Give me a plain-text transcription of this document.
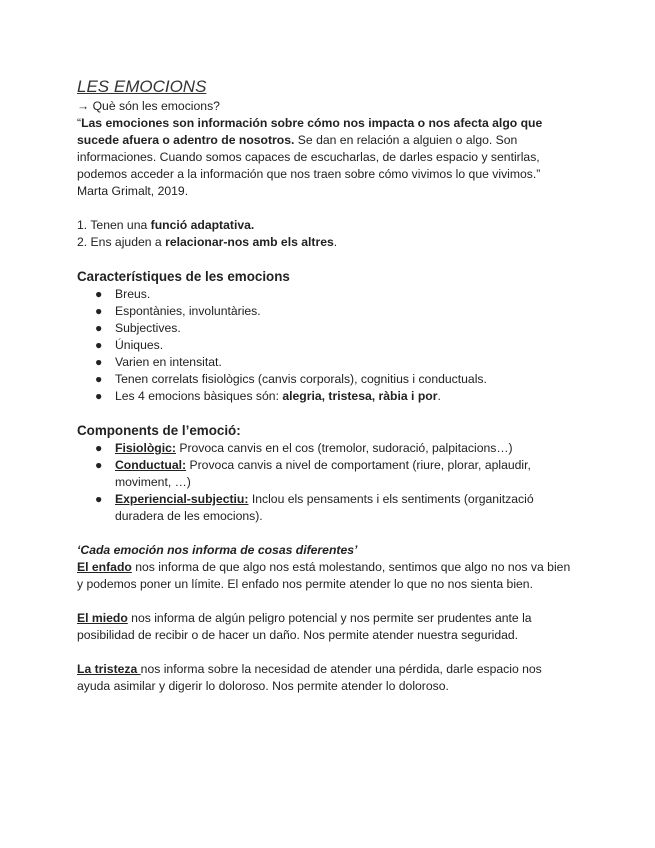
LES EMOCIONS

→ Què són les emocions?

“Las emociones son información sobre cómo nos impacta o nos afecta algo que sucede afuera o adentro de nosotros. Se dan en relación a alguien o algo. Son informaciones. Cuando somos capaces de escucharlas, de darles espacio y sentirlas, podemos acceder a la información que nos traen sobre cómo vivimos lo que vivimos.”

Marta Grimalt, 2019.

1. Tenen una funció adaptativa.

2. Ens ajuden a relacionar-nos amb els altres.

Característiques de les emocions

● Breus.
● Espontànies, involuntàries.
● Subjectives.
● Úniques.
● Varien en intensitat.
● Tenen correlats fisiològics (canvis corporals), cognitius i conductuals.
● Les 4 emocions bàsiques són: alegria, tristesa, ràbia i por.

Components de l’emoció:

● Fisiològic: Provoca canvis en el cos (tremolor, sudoració, palpitacions…)
● Conductual: Provoca canvis a nivel de comportament (riure, plorar, aplaudir, moviment, …)
● Experiencial-subjectiu: Inclou els pensaments i els sentiments (organització duradera de les emocions).

‘Cada emoción nos informa de cosas diferentes’

El enfado nos informa de que algo nos está molestando, sentimos que algo no nos va bien y podemos poner un límite. El enfado nos permite atender lo que no nos sienta bien.

El miedo nos informa de algún peligro potencial y nos permite ser prudentes ante la posibilidad de recibir o de hacer un daño. Nos permite atender nuestra seguridad.

La tristeza nos informa sobre la necesidad de atender una pérdida, darle espacio nos ayuda asimilar y digerir lo doloroso. Nos permite atender lo doloroso.
